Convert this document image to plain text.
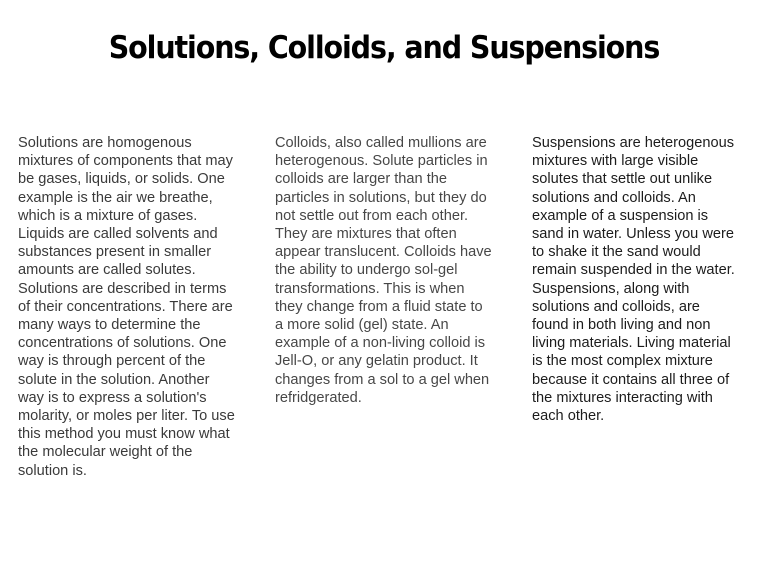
Solutions, Colloids, and Suspensions
Solutions are homogenous
mixtures of components that may
be gases, liquids, or solids. One
example is the air we breathe,
which is a mixture of gases.
Liquids are called solvents and
substances present in smaller
amounts are called solutes.
Solutions are described in terms
of their concentrations. There are
many ways to determine the
concentrations of solutions. One
way is through percent of the
solute in the solution. Another
way is to express a solution's
molarity, or moles per liter. To use
this method you must know what
the molecular weight of the
solution is.
Colloids, also called mullions are
heterogenous. Solute particles in
colloids are larger than the
particles in solutions, but they do
not settle out from each other.
They are mixtures that often
appear translucent. Colloids have
the ability to undergo sol-gel
transformations. This is when
they change from a fluid state to
a more solid (gel) state. An
example of a non-living colloid is
Jell-O, or any gelatin product. It
changes from a sol to a gel when
refridgerated.
Suspensions are heterogenous
mixtures with large visible
solutes that settle out unlike
solutions and colloids. An
example of a suspension is
sand in water. Unless you were
to shake it the sand would
remain suspended in the water.
Suspensions, along with
solutions and colloids, are
found in both living and non
living materials. Living material
is the most complex mixture
because it contains all three of
the mixtures interacting with
each other.
